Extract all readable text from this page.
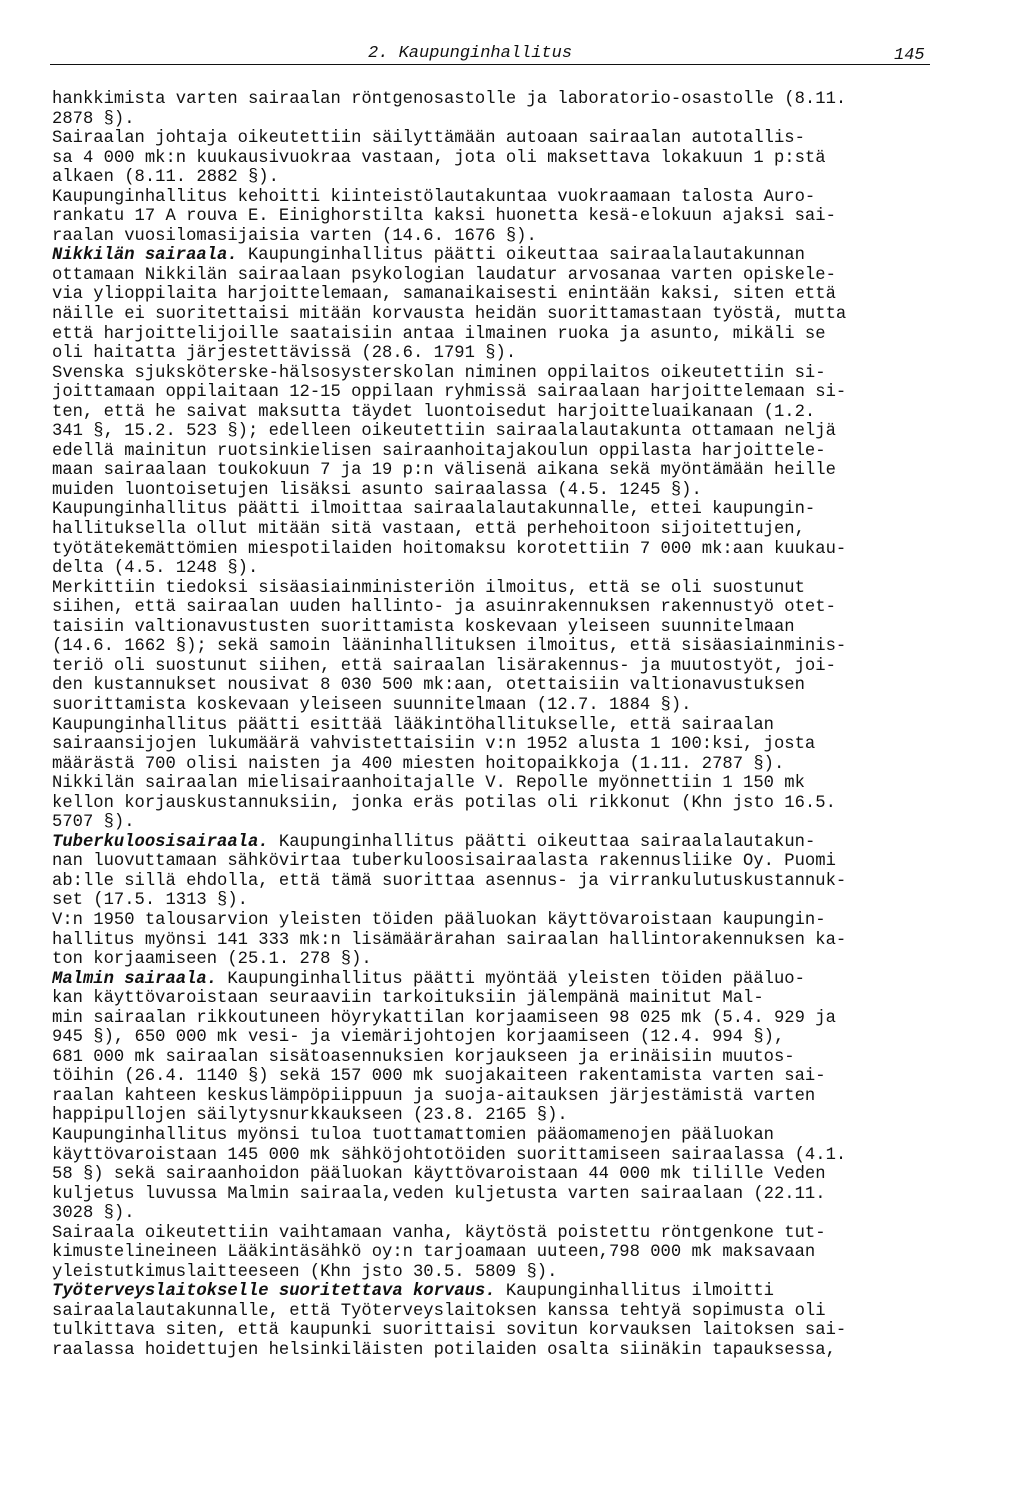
2. Kaupunginhallitus	145

hankkimista varten sairaalan röntgenosastolle ja laboratorio-osastolle (8.11.
2878 §).

Sairaalan johtaja oikeutettiin säilyttämään autoaan sairaalan autotallis-
sa 4 000 mk:n kuukausivuokraa vastaan, jota oli maksettava lokakuun 1 p:stä
alkaen (8.11. 2882 §).

Kaupunginhallitus kehoitti kiinteistölautakuntaa vuokraamaan talosta Auro-
rankatu 17 A rouva E. Einighorstilta kaksi huonetta kesä-elokuun ajaksi sai-
raalan vuosilomasijaisia varten (14.6. 1676 §).

Nikkilän sairaala. Kaupunginhallitus päätti oikeuttaa sairaalalautakunnan
ottamaan Nikkilän sairaalaan psykologian laudatur arvosanaa varten opiskele-
via ylioppilaita harjoittelemaan, samanaikaisesti enintään kaksi, siten että
näille ei suoritettaisi mitään korvausta heidän suorittamastaan työstä, mutta
että harjoittelijoille saataisiin antaa ilmainen ruoka ja asunto, mikäli se
oli haitatta järjestettävissä (28.6. 1791 §).

Svenska sjuksköterske-hälsosysterskolan niminen oppilaitos oikeutettiin si-
joittamaan oppilaitaan 12-15 oppilaan ryhmissä sairaalaan harjoittelemaan si-
ten, että he saivat maksutta täydet luontoisedut harjoitteluaikanaan (1.2.
341 §, 15.2. 523 §); edelleen oikeutettiin sairaalalautakunta ottamaan neljä
edellä mainitun ruotsinkielisen sairaanhoitajakoulun oppilasta harjoittele-
maan sairaalaan toukokuun 7 ja 19 p:n välisenä aikana sekä myöntämään heille
muiden luontoisetujen lisäksi asunto sairaalassa (4.5. 1245 §).

Kaupunginhallitus päätti ilmoittaa sairaalalautakunnalle, ettei kaupungin-
hallituksella ollut mitään sitä vastaan, että perhehoitoon sijoitettujen,
työtätekemättömien miespotilaiden hoitomaksu korotettiin 7 000 mk:aan kuukau-
delta (4.5. 1248 §).

Merkittiin tiedoksi sisäasiainministeriön ilmoitus, että se oli suostunut
siihen, että sairaalan uuden hallinto- ja asuinrakennuksen rakennustyö otet-
taisiin valtionavustusten suorittamista koskevaan yleiseen suunnitelmaan
(14.6. 1662 §); sekä samoin lääninhallituksen ilmoitus, että sisäasiainminis-
teriö oli suostunut siihen, että sairaalan lisärakennus- ja muutostyöt, joi-
den kustannukset nousivat 8 030 500 mk:aan, otettaisiin valtionavustuksen
suorittamista koskevaan yleiseen suunnitelmaan (12.7. 1884 §).

Kaupunginhallitus päätti esittää lääkintöhallitukselle, että sairaalan
sairaansijojen lukumäärä vahvistettaisiin v:n 1952 alusta 1 100:ksi, josta
määrästä 700 olisi naisten ja 400 miesten hoitopaikkoja (1.11. 2787 §).

Nikkilän sairaalan mielisairaanhoitajalle V. Repolle myönnettiin 1 150 mk
kellon korjauskustannuksiin, jonka eräs potilas oli rikkonut (Khn jsto 16.5.
5707 §).

Tuberkuloosisairaala. Kaupunginhallitus päätti oikeuttaa sairaalalautakun-
nan luovuttamaan sähkövirtaa tuberkuloosisairaalasta rakennusliike Oy. Puomi
ab:lle sillä ehdolla, että tämä suorittaa asennus- ja virrankulutuskustannuk-
set (17.5. 1313 §).

V:n 1950 talousarvion yleisten töiden pääluokan käyttövaroistaan kaupungin-
hallitus myönsi 141 333 mk:n lisämäärärahan sairaalan hallintorakennuksen ka-
ton korjaamiseen (25.1. 278 §).

Malmin sairaala. Kaupunginhallitus päätti myöntää yleisten töiden pääluo-
kan käyttövaroistaan seuraaviin tarkoituksiin jälempänä mainitut Mal-
min sairaalan rikkoutuneen höyrykattilan korjaamiseen 98 025 mk (5.4. 929 ja
945 §), 650 000 mk vesi- ja viemärijohtojen korjaamiseen (12.4. 994 §),
681 000 mk sairaalan sisätoasennuksien korjaukseen ja erinäisiin muutos-
töihin (26.4. 1140 §) sekä 157 000 mk suojakaiteen rakentamista varten sai-
raalan kahteen keskuslämpöpiippuun ja suoja-aitauksen järjestämistä varten
happipullojen säilytysnurkkaukseen (23.8. 2165 §).

Kaupunginhallitus myönsi tuloa tuottamattomien pääomamenojen pääluokan
käyttövaroistaan 145 000 mk sähköjohtotöiden suorittamiseen sairaalassa (4.1.
58 §) sekä sairaanhoidon pääluokan käyttövaroistaan 44 000 mk tilille Veden
kuljetus luvussa Malmin sairaala,veden kuljetusta varten sairaalaan (22.11.
3028 §).

Sairaala oikeutettiin vaihtamaan vanha, käytöstä poistettu röntgenkone tut-
kimustelineineen Lääkintäsähkö oy:n tarjoamaan uuteen,798 000 mk maksavaan
yleistutkimuslaitteeseen (Khn jsto 30.5. 5809 §).

Työterveyslaitokselle suoritettava korvaus. Kaupunginhallitus ilmoitti
sairaalalautakunnalle, että Työterveyslaitoksen kanssa tehtyä sopimusta oli
tulkittava siten, että kaupunki suorittaisi sovitun korvauksen laitoksen sai-
raalassa hoidettujen helsinkiläisten potilaiden osalta siinäkin tapauksessa,
